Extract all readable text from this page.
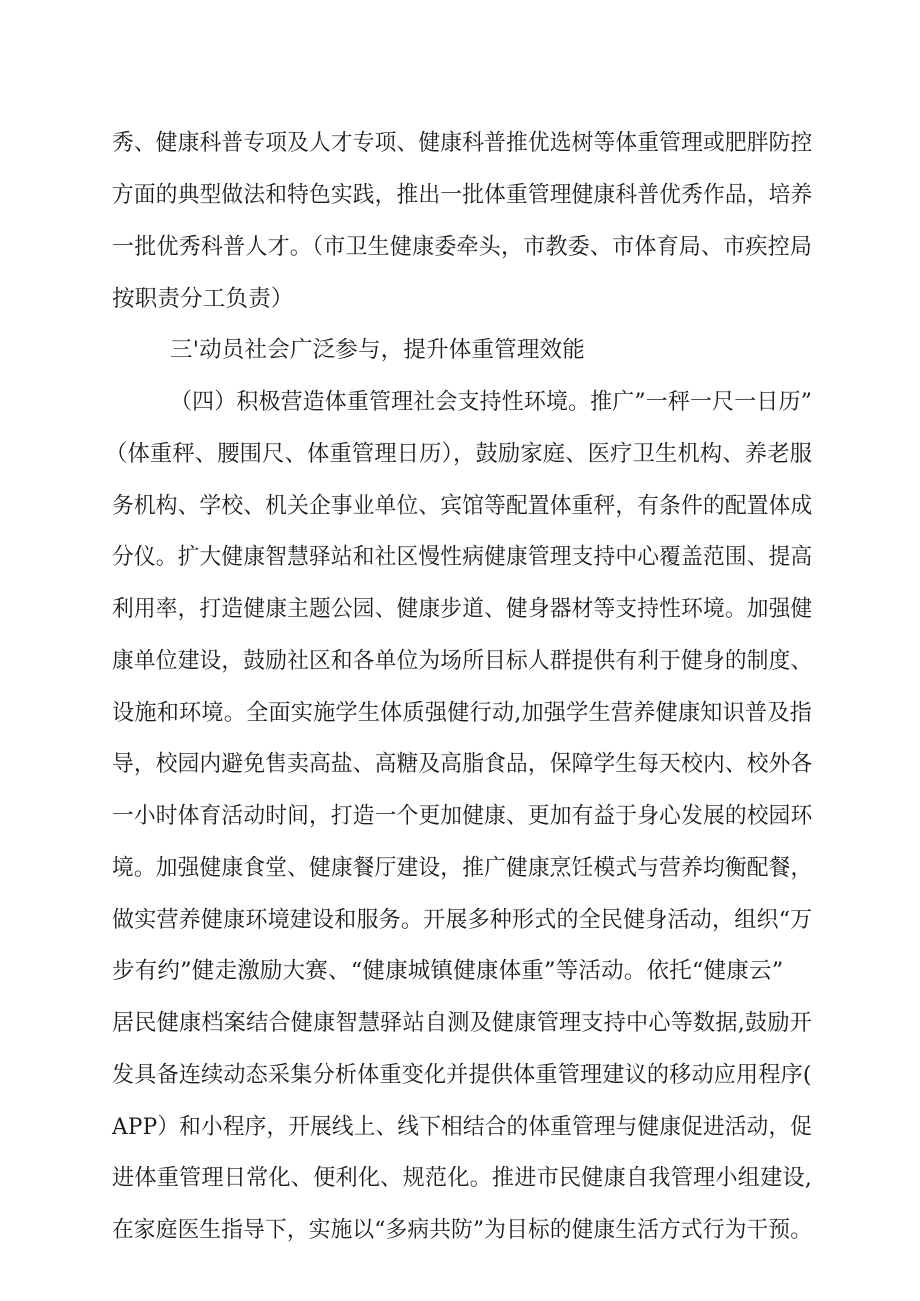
秀、健康科普专项及人才专项、健康科普推优选树等体重管理或肥胖防控
方面的典型做法和特色实践，推出一批体重管理健康科普优秀作品，培养
一批优秀科普人才。（市卫生健康委牵头，市教委、市体育局、市疾控局
按职责分工负责）
三'动员社会广泛参与，提升体重管理效能
（四）积极营造体重管理社会支持性环境。推广”一秤一尺一日历”
（体重秤、腰围尺、体重管理日历），鼓励家庭、医疗卫生机构、养老服
务机构、学校、机关企事业单位、宾馆等配置体重秤，有条件的配置体成
分仪。扩大健康智慧驿站和社区慢性病健康管理支持中心覆盖范围、提高
利用率，打造健康主题公园、健康步道、健身器材等支持性环境。加强健
康单位建设，鼓励社区和各单位为场所目标人群提供有利于健身的制度、
设施和环境。全面实施学生体质强健行动,加强学生营养健康知识普及指
导，校园内避免售卖高盐、高糖及高脂食品，保障学生每天校内、校外各
一小时体育活动时间，打造一个更加健康、更加有益于身心发展的校园环
境。加强健康食堂、健康餐厅建设，推广健康烹饪模式与营养均衡配餐，
做实营养健康环境建设和服务。开展多种形式的全民健身活动，组织“万
步有约”健走激励大赛、“健康城镇健康体重”等活动。依托“健康云”
居民健康档案结合健康智慧驿站自测及健康管理支持中心等数据,鼓励开
发具备连续动态采集分析体重变化并提供体重管理建议的移动应用程序(
APP）和小程序，开展线上、线下相结合的体重管理与健康促进活动，促
进体重管理日常化、便利化、规范化。推进市民健康自我管理小组建设,
在家庭医生指导下，实施以“多病共防”为目标的健康生活方式行为干预。
